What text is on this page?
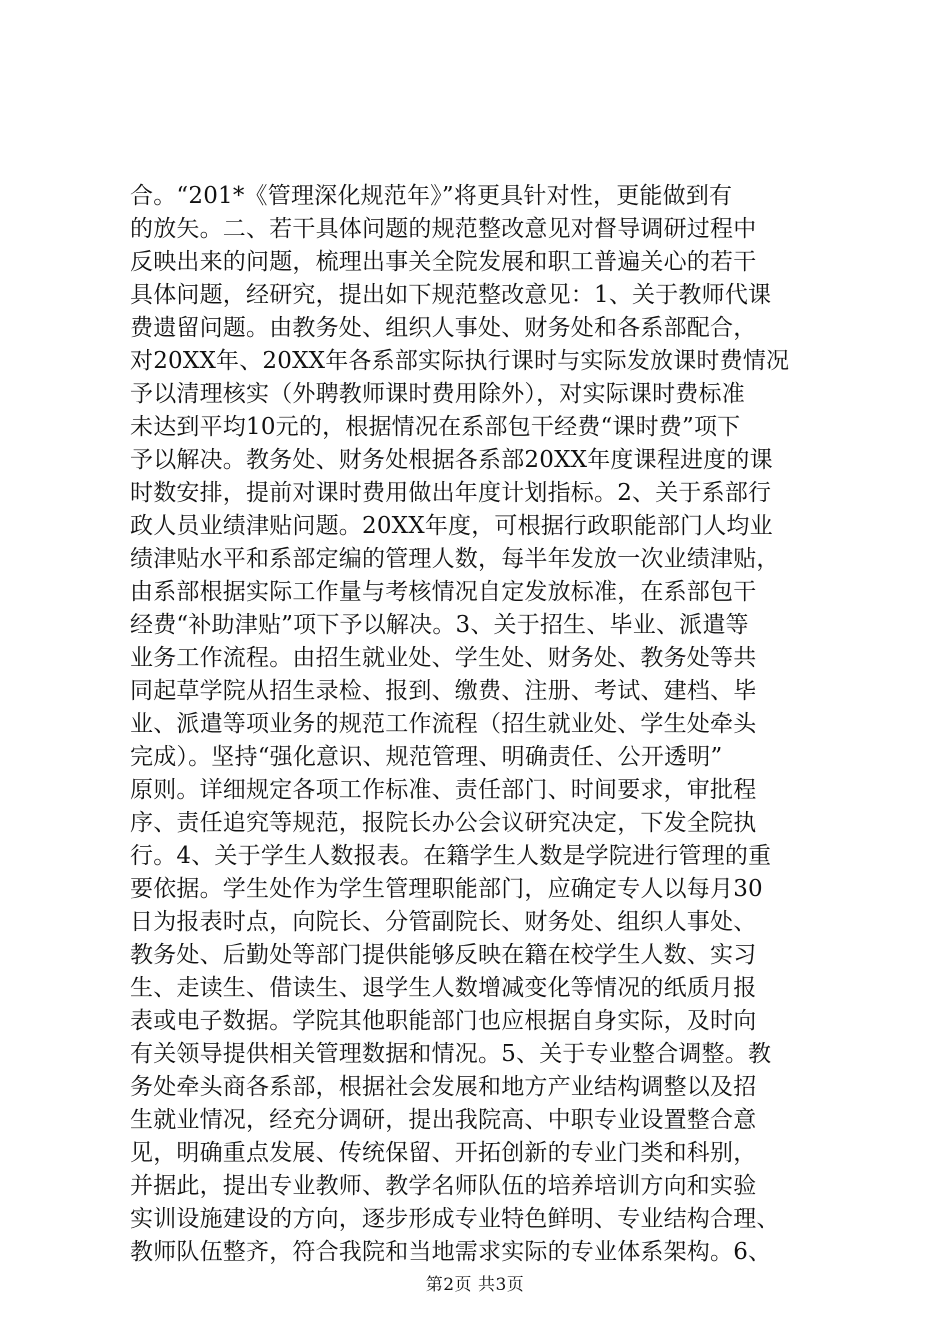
合。“201*《管理深化规范年》”将更具针对性，更能做到有
的放矢。二、若干具体问题的规范整改意见对督导调研过程中
反映出来的问题，梳理出事关全院发展和职工普遍关心的若干
具体问题，经研究，提出如下规范整改意见：1、关于教师代课
费遗留问题。由教务处、组织人事处、财务处和各系部配合，
对20XX年、20XX年各系部实际执行课时与实际发放课时费情况
予以清理核实（外聘教师课时费用除外），对实际课时费标准
未达到平均10元的，根据情况在系部包干经费“课时费”项下
予以解决。教务处、财务处根据各系部20XX年度课程进度的课
时数安排，提前对课时费用做出年度计划指标。2、关于系部行
政人员业绩津贴问题。20XX年度，可根据行政职能部门人均业
绩津贴水平和系部定编的管理人数，每半年发放一次业绩津贴，
由系部根据实际工作量与考核情况自定发放标准，在系部包干
经费“补助津贴”项下予以解决。3、关于招生、毕业、派遣等
业务工作流程。由招生就业处、学生处、财务处、教务处等共
同起草学院从招生录检、报到、缴费、注册、考试、建档、毕
业、派遣等项业务的规范工作流程（招生就业处、学生处牵头
完成）。坚持“强化意识、规范管理、明确责任、公开透明”
原则。详细规定各项工作标准、责任部门、时间要求，审批程
序、责任追究等规范，报院长办公会议研究决定，下发全院执
行。4、关于学生人数报表。在籍学生人数是学院进行管理的重
要依据。学生处作为学生管理职能部门，应确定专人以每月30
日为报表时点，向院长、分管副院长、财务处、组织人事处、
教务处、后勤处等部门提供能够反映在籍在校学生人数、实习
生、走读生、借读生、退学生人数增减变化等情况的纸质月报
表或电子数据。学院其他职能部门也应根据自身实际，及时向
有关领导提供相关管理数据和情况。5、关于专业整合调整。教
务处牵头商各系部，根据社会发展和地方产业结构调整以及招
生就业情况，经充分调研，提出我院高、中职专业设置整合意
见，明确重点发展、传统保留、开拓创新的专业门类和科别，
并据此，提出专业教师、教学名师队伍的培养培训方向和实验
实训设施建设的方向，逐步形成专业特色鲜明、专业结构合理、
教师队伍整齐，符合我院和当地需求实际的专业体系架构。6、

第2页 共3页
